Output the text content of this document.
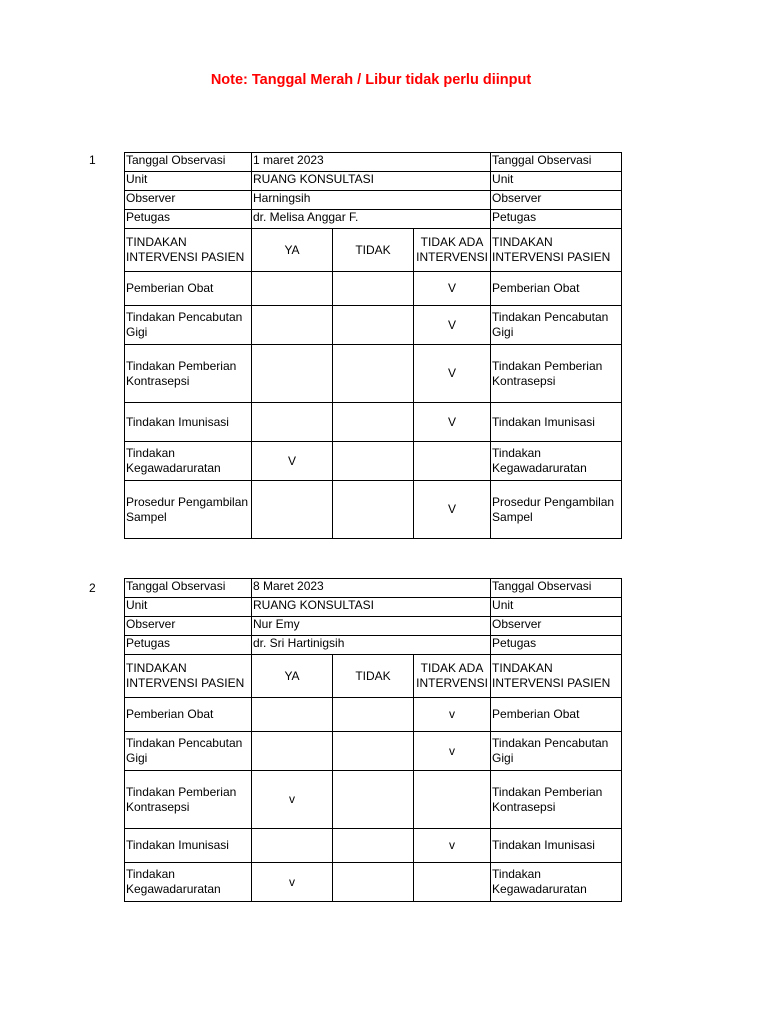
Note: Tanggal Merah / Libur tidak perlu diinput
1	Tanggal Observasi	1 maret 2023			Tanggal Observasi
Unit	RUANG KONSULTASI			Unit
Observer	Harningsih			Observer
Petugas	dr. Melisa Anggar F.			Petugas
TINDAKAN INTERVENSI PASIEN	YA	TIDAK	TIDAK ADA INTERVENSI	TINDAKAN INTERVENSI PASIEN
Pemberian Obat			V	Pemberian Obat
Tindakan Pencabutan Gigi			V	Tindakan Pencabutan Gigi
Tindakan Pemberian Kontrasepsi			V	Tindakan Pemberian Kontrasepsi
Tindakan Imunisasi			V	Tindakan Imunisasi
Tindakan Kegawadaruratan	V			Tindakan Kegawadaruratan
Prosedur Pengambilan Sampel			V	Prosedur Pengambilan Sampel
2	Tanggal Observasi	8 Maret 2023			Tanggal Observasi
Unit	RUANG KONSULTASI			Unit
Observer	Nur Emy			Observer
Petugas	dr. Sri Hartinigsih			Petugas
TINDAKAN INTERVENSI PASIEN	YA	TIDAK	TIDAK ADA INTERVENSI	TINDAKAN INTERVENSI PASIEN
Pemberian Obat			v	Pemberian Obat
Tindakan Pencabutan Gigi			v	Tindakan Pencabutan Gigi
Tindakan Pemberian Kontrasepsi	v			Tindakan Pemberian Kontrasepsi
Tindakan Imunisasi			v	Tindakan Imunisasi
Tindakan Kegawadaruratan	v			Tindakan Kegawadaruratan
